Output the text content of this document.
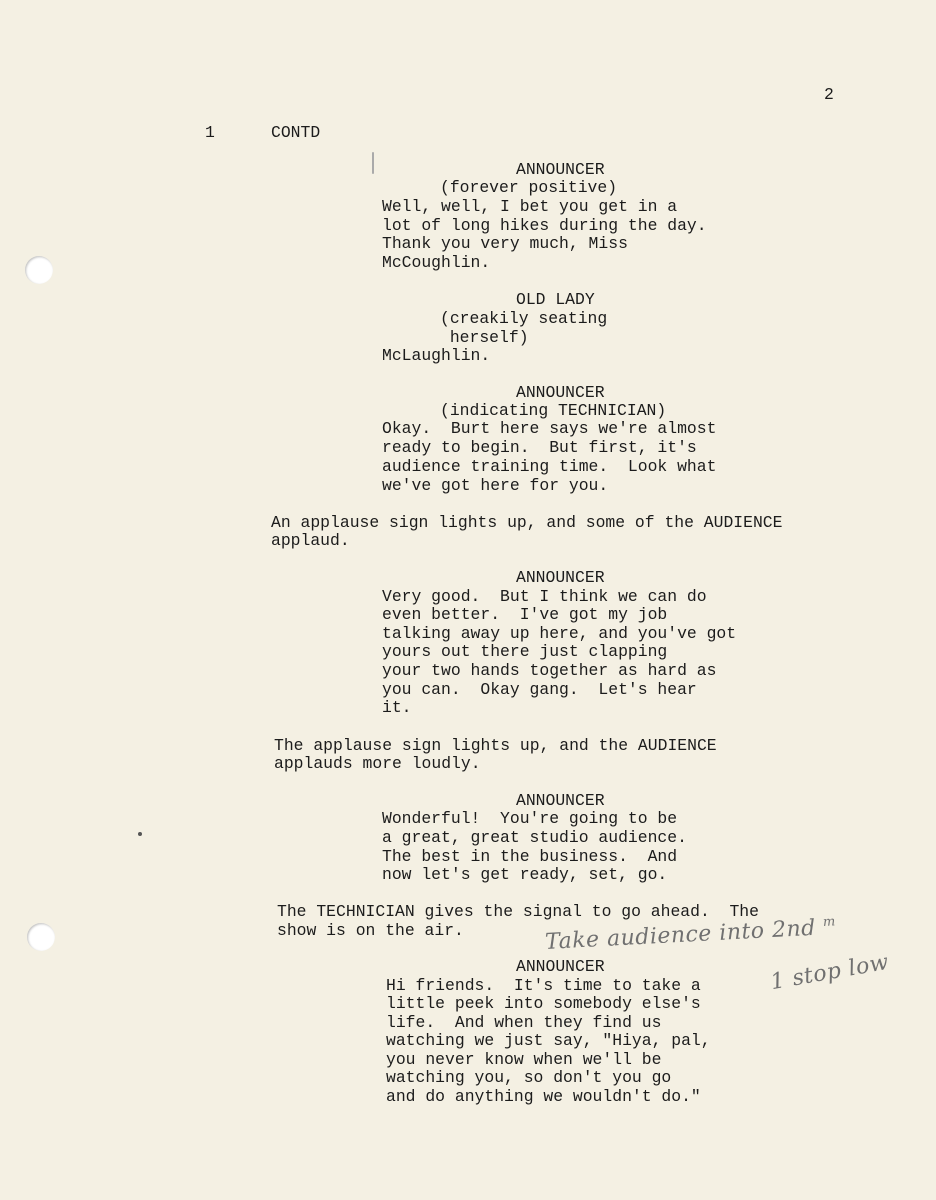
2
1	CONTD
ANNOUNCER
(forever positive)
Well, well, I bet you get in a
lot of long hikes during the day.
Thank you very much, Miss
McCoughlin.
OLD LADY
(creakily seating
herself)
McLaughlin.
ANNOUNCER
(indicating TECHNICIAN)
Okay.  Burt here says we're almost
ready to begin.  But first, it's
audience training time.  Look what
we've got here for you.
An applause sign lights up, and some of the AUDIENCE
applaud.
ANNOUNCER
Very good.  But I think we can do
even better.  I've got my job
talking away up here, and you've got
yours out there just clapping
your two hands together as hard as
you can.  Okay gang.  Let's hear
it.
The applause sign lights up, and the AUDIENCE
applauds more loudly.
ANNOUNCER
Wonderful!  You're going to be
a great, great studio audience.
The best in the business.  And
now let's get ready, set, go.
The TECHNICIAN gives the signal to go ahead.  The
show is on the air.	Take audience into 2nd $^m$
1 stop low
ANNOUNCER
Hi friends.  It's time to take a
little peek into somebody else's
life.  And when they find us
watching we just say, "Hiya, pal,
you never know when we'll be
watching you, so don't you go
and do anything we wouldn't do."
